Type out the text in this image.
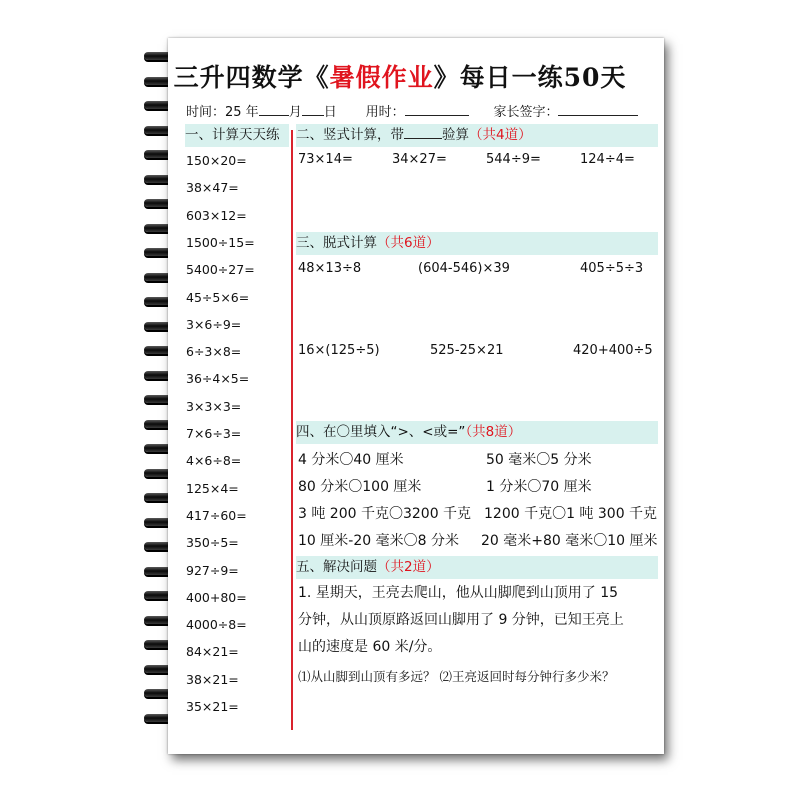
三升四数学《暑假作业》每日一练50天
时间：25 年 月 日 用时：	家长签字：
一、计算天天练
150×20=
38×47=
603×12=
1500÷15=
5400÷27=
45÷5×6=
3×6÷9=
6÷3×8=
36÷4×5=
3×3×3=
7×6÷3=
4×6÷8=
125×4=
417÷60=
350÷5=
927÷9=
400+80=
4000÷8=
84×21=
38×21=
35×21=
二、竖式计算，带	验算（共4道）
73×14=	34×27=	544÷9=	124÷4=
三、脱式计算（共6道）
48×13÷8	(604-546)×39	405÷5÷3
16×(125÷5)	525-25×21	420+400÷5
四、在〇里填入“>、<或=”（共8道）
4 分米〇40 厘米	50 毫米〇5 分米
80 分米〇100 厘米	1 分米〇70 厘米
3 吨 200 千克〇3200 千克 1200 千克〇1 吨 300 千克
10 厘米-20 毫米〇8 分米 20 毫米+80 毫米〇10 厘米
五、解决问题（共2道）
1. 星期天，王亮去爬山，他从山脚爬到山顶用了 15
分钟，从山顶原路返回山脚用了 9 分钟，已知王亮上
山的速度是 60 米/分。
⑴从山脚到山顶有多远？ ⑵王亮返回时每分钟行多少米？
